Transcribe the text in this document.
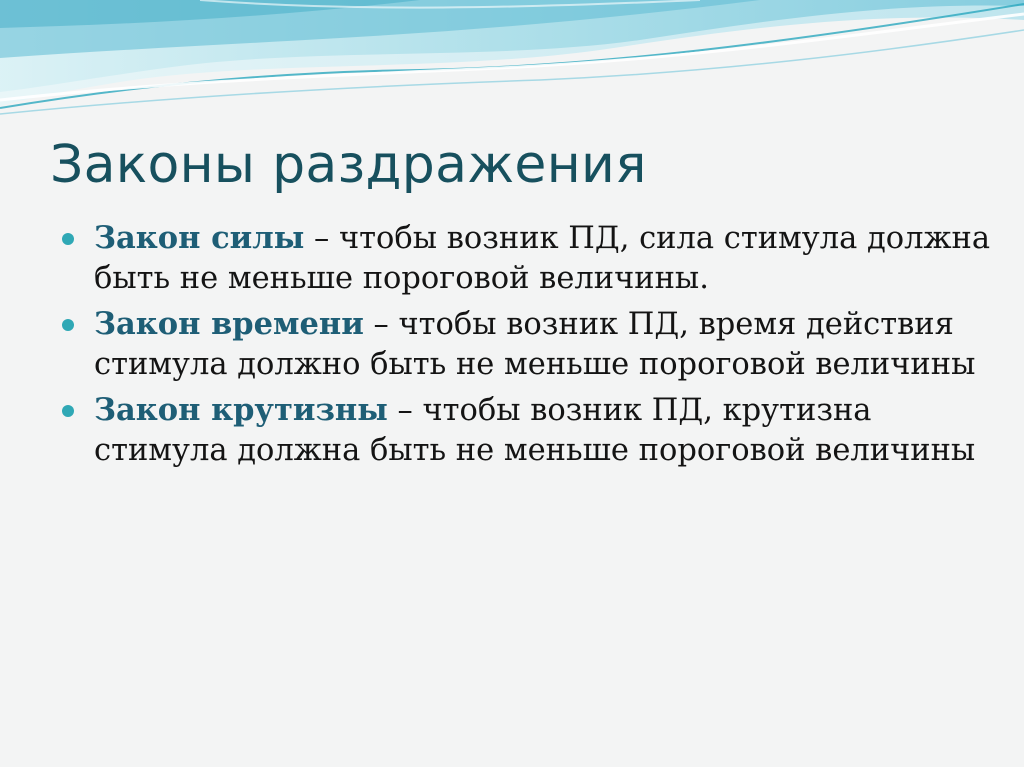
Законы раздражения
Закон силы – чтобы возник ПД, сила стимула должна быть не меньше пороговой величины.
Закон времени – чтобы возник ПД, время действия стимула должно быть не меньше пороговой величины
Закон крутизны – чтобы возник ПД, крутизна стимула должна быть не меньше пороговой величины
